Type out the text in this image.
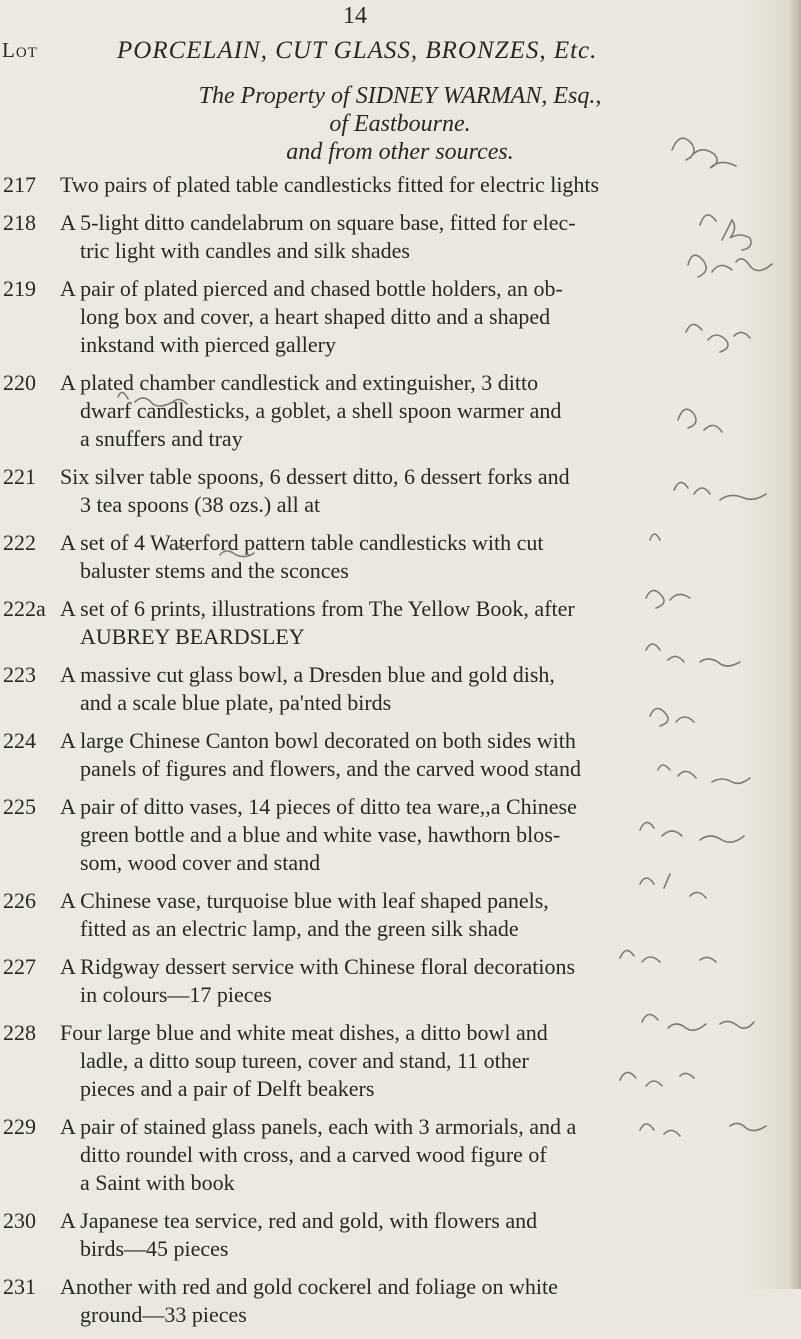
14
Lot	PORCELAIN, CUT GLASS, BRONZES, Etc.
The Property of SIDNEY WARMAN, Esq.,
of Eastbourne.
and from other sources.
217 Two pairs of plated table candlesticks fitted for electric lights
218 A 5-light ditto candelabrum on square base, fitted for elec-
tric light with candles and silk shades
219 A pair of plated pierced and chased bottle holders, an ob-
long box and cover, a heart shaped ditto and a shaped
inkstand with pierced gallery
220 A plated chamber candlestick and extinguisher, 3 ditto
dwarf candlesticks, a goblet, a shell spoon warmer and
a snuffers and tray
221 Six silver table spoons, 6 dessert ditto, 6 dessert forks and
3 tea spoons (38 ozs.) all at
222 A set of 4 Waterford pattern table candlesticks with cut
baluster stems and the sconces
222a A set of 6 prints, illustrations from The Yellow Book, after
AUBREY BEARDSLEY
223 A massive cut glass bowl, a Dresden blue and gold dish,
and a scale blue plate, pa'nted birds
224 A large Chinese Canton bowl decorated on both sides with
panels of figures and flowers, and the carved wood stand
225 A pair of ditto vases, 14 pieces of ditto tea ware,,a Chinese
green bottle and a blue and white vase, hawthorn blos-
som, wood cover and stand
226 A Chinese vase, turquoise blue with leaf shaped panels,
fitted as an electric lamp, and the green silk shade
227 A Ridgway dessert service with Chinese floral decorations
in colours—17 pieces
228 Four large blue and white meat dishes, a ditto bowl and
ladle, a ditto soup tureen, cover and stand, 11 other
pieces and a pair of Delft beakers
229 A pair of stained glass panels, each with 3 armorials, and a
ditto roundel with cross, and a carved wood figure of
a Saint with book
230 A Japanese tea service, red and gold, with flowers and
birds—45 pieces
231 Another with red and gold cockerel and foliage on white
ground—33 pieces
